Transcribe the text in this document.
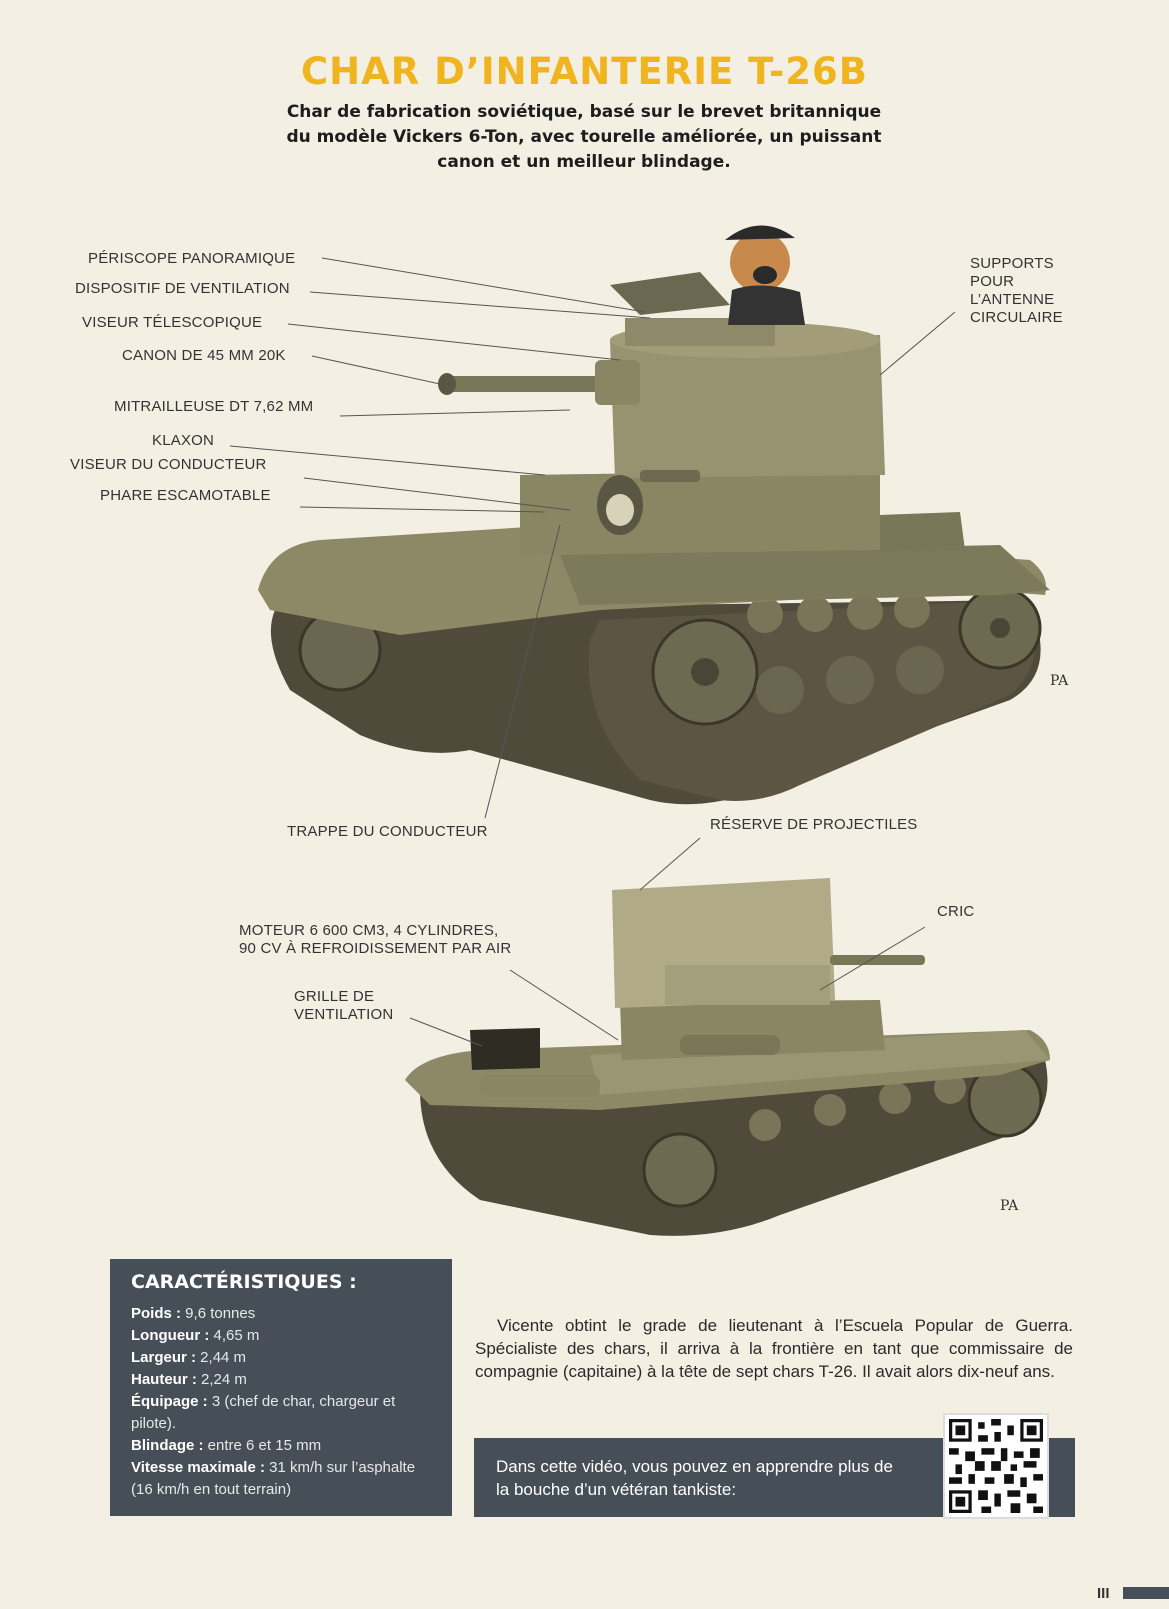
CHAR D’INFANTERIE T-26B

Char de fabrication soviétique, basé sur le brevet britannique du modèle Vickers 6-Ton, avec tourelle améliorée, un puissant canon et un meilleur blindage.

PA
PA
PÉRISCOPE PANORAMIQUE
DISPOSITIF DE VENTILATION
VISEUR TÉLESCOPIQUE
CANON DE 45 MM 20K
MITRAILLEUSE DT 7,62 MM
KLAXON
VISEUR DU CONDUCTEUR
PHARE ESCAMOTABLE
TRAPPE DU CONDUCTEUR
SUPPORTS
POUR
L’ANTENNE
CIRCULAIRE
RÉSERVE DE PROJECTILES
MOTEUR 6 600 CM3, 4 CYLINDRES,
90 CV À REFROIDISSEMENT PAR AIR
CRIC
GRILLE DE
VENTILATION
CARACTÉRISTIQUES :
Poids : 9,6 tonnes
Longueur : 4,65 m
Largeur : 2,44 m
Hauteur : 2,24 m
Équipage : 3 (chef de char, chargeur et pilote).
Blindage : entre 6 et 15 mm
Vitesse maximale : 31 km/h sur l’asphalte (16 km/h en tout terrain)

Vicente obtint le grade de lieutenant à l’Escuela Popular de Guerra. Spécialiste des chars, il arriva à la frontière en tant que commissaire de compagnie (capitaine) à la tête de sept chars T-26. Il avait alors dix-neuf ans.

Dans cette vidéo, vous pouvez en apprendre plus de la bouche d’un vétéran tankiste:
III
